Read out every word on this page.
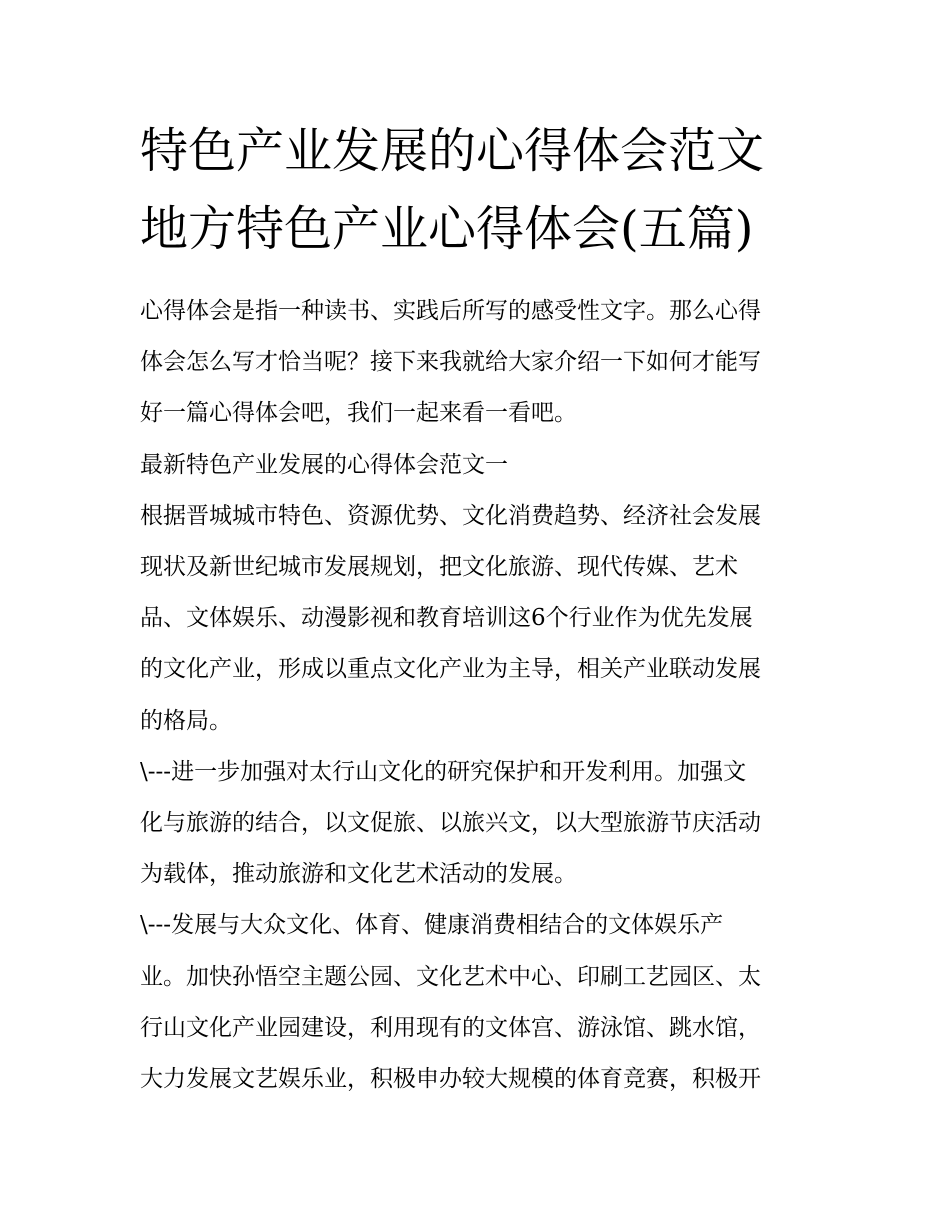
特色产业发展的心得体会范文
地方特色产业心得体会(五篇)
心得体会是指一种读书、实践后所写的感受性文字。那么心得
体会怎么写才恰当呢？接下来我就给大家介绍一下如何才能写
好一篇心得体会吧，我们一起来看一看吧。
最新特色产业发展的心得体会范文一
根据晋城城市特色、资源优势、文化消费趋势、经济社会发展
现状及新世纪城市发展规划，把文化旅游、现代传媒、艺术
品、文体娱乐、动漫影视和教育培训这6个行业作为优先发展
的文化产业，形成以重点文化产业为主导，相关产业联动发展
的格局。
\---进一步加强对太行山文化的研究保护和开发利用。加强文
化与旅游的结合，以文促旅、以旅兴文，以大型旅游节庆活动
为载体，推动旅游和文化艺术活动的发展。
\---发展与大众文化、体育、健康消费相结合的文体娱乐产
业。加快孙悟空主题公园、文化艺术中心、印刷工艺园区、太
行山文化产业园建设，利用现有的文体宫、游泳馆、跳水馆，
大力发展文艺娱乐业，积极申办较大规模的体育竞赛，积极开
